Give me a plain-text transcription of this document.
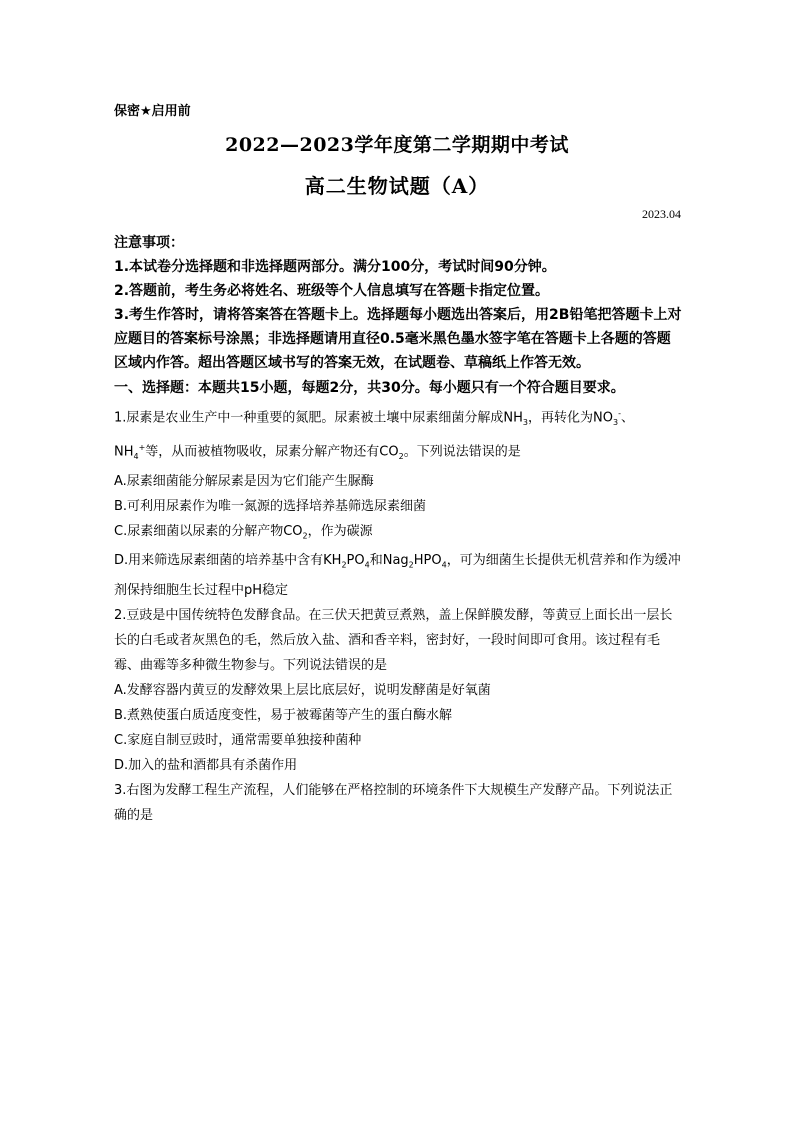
保密★启用前
2022—2023学年度第二学期期中考试
高二生物试题（A）
2023.04

注意事项：

1.本试卷分选择题和非选择题两部分。满分100分，考试时间90分钟。

2.答题前，考生务必将姓名、班级等个人信息填写在答题卡指定位置。

3.考生作答时，请将答案答在答题卡上。选择题每小题选出答案后，用2B铅笔把答题卡上对应题目的答案标号涂黑；非选择题请用直径0.5毫米黑色墨水签字笔在答题卡上各题的答题区域内作答。超出答题区域书写的答案无效，在试题卷、草稿纸上作答无效。

一、选择题：本题共15小题，每题2分，共30分。每小题只有一个符合题目要求。

1.尿素是农业生产中一种重要的氮肥。尿素被土壤中尿素细菌分解成$NH_3$，再转化为$NO_3^-$、$NH_4^+$等，从而被植物吸收，尿素分解产物还有$CO_2$。下列说法错误的是

A.尿素细菌能分解尿素是因为它们能产生脲酶

B.可利用尿素作为唯一氮源的选择培养基筛选尿素细菌

C.尿素细菌以尿素的分解产物$CO_2$，作为碳源

D.用来筛选尿素细菌的培养基中含有$KH_2PO_4$和$Nag_2HPO_4$，可为细菌生长提供无机营养和作为缓冲剂保持细胞生长过程中pH稳定

2.豆豉是中国传统特色发酵食品。在三伏天把黄豆煮熟，盖上保鲜膜发酵，等黄豆上面长出一层长长的白毛或者灰黑色的毛，然后放入盐、酒和香辛料，密封好，一段时间即可食用。该过程有毛霉、曲霉等多种微生物参与。下列说法错误的是

A.发酵容器内黄豆的发酵效果上层比底层好，说明发酵菌是好氧菌

B.煮熟使蛋白质适度变性，易于被霉菌等产生的蛋白酶水解

C.家庭自制豆豉时，通常需要单独接种菌种

D.加入的盐和酒都具有杀菌作用

3.右图为发酵工程生产流程，人们能够在严格控制的环境条件下大规模生产发酵产品。下列说法正确的是
